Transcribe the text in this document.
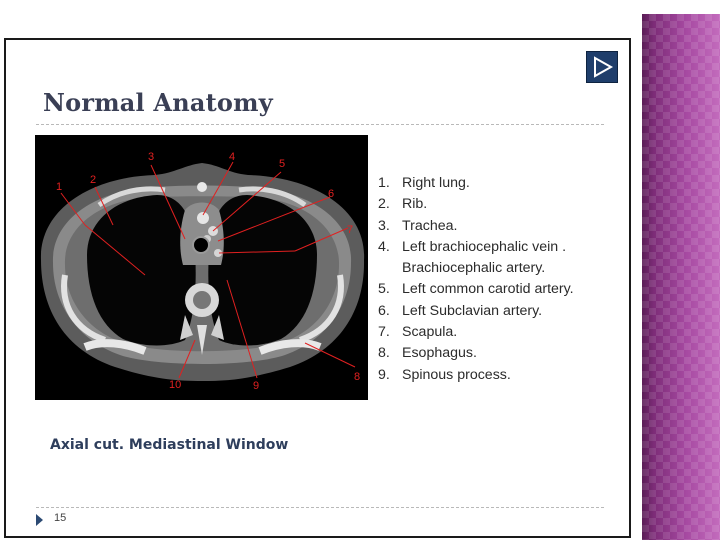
Normal Anatomy
1
2
3	4
5
6
7
8
9
10
1. Right lung.
2. Rib.
3. Trachea.
4. Left brachiocephalic vein .
Brachiocephalic artery.
5. Left common carotid artery.
6. Left Subclavian artery.
7. Scapula.
8. Esophagus.
9. Spinous process.

Axial cut. Mediastinal Window

15
